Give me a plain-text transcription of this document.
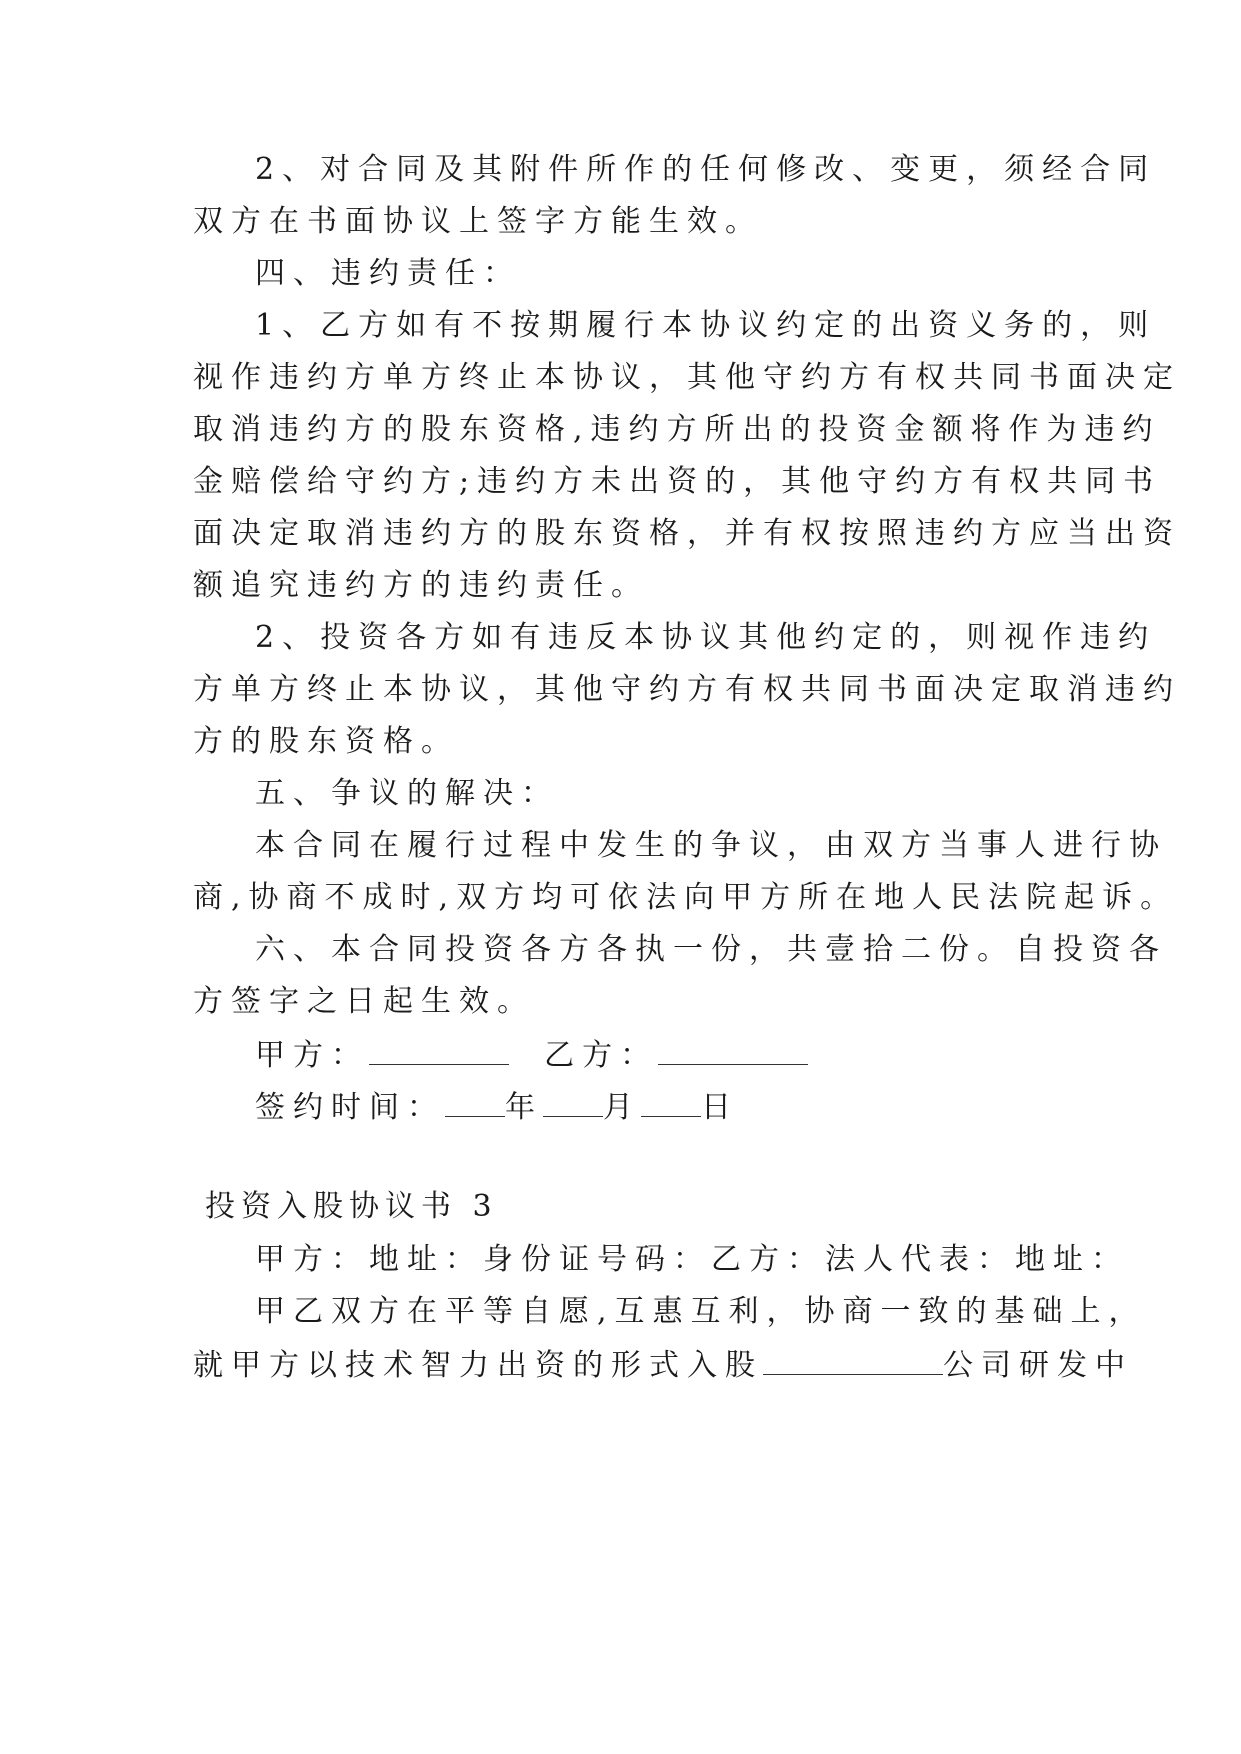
2、对合同及其附件所作的任何修改、变更，须经合同
双方在书面协议上签字方能生效。
四、违约责任：
1、乙方如有不按期履行本协议约定的出资义务的，则
视作违约方单方终止本协议，其他守约方有权共同书面决定
取消违约方的股东资格,违约方所出的投资金额将作为违约
金赔偿给守约方;违约方未出资的，其他守约方有权共同书
面决定取消违约方的股东资格，并有权按照违约方应当出资
额追究违约方的违约责任。
2、投资各方如有违反本协议其他约定的，则视作违约
方单方终止本协议，其他守约方有权共同书面决定取消违约
方的股东资格。
五、争议的解决：
本合同在履行过程中发生的争议，由双方当事人进行协
商,协商不成时,双方均可依法向甲方所在地人民法院起诉。
六、本合同投资各方各执一份，共壹拾二份。自投资各
方签字之日起生效。
甲方：	乙方：
签约时间： 年 月 日
投资入股协议书 3
甲方：地址：身份证号码：乙方：法人代表：地址：
甲乙双方在平等自愿,互惠互利，协商一致的基础上，
就甲方以技术智力出资的形式入股	公司研发中
